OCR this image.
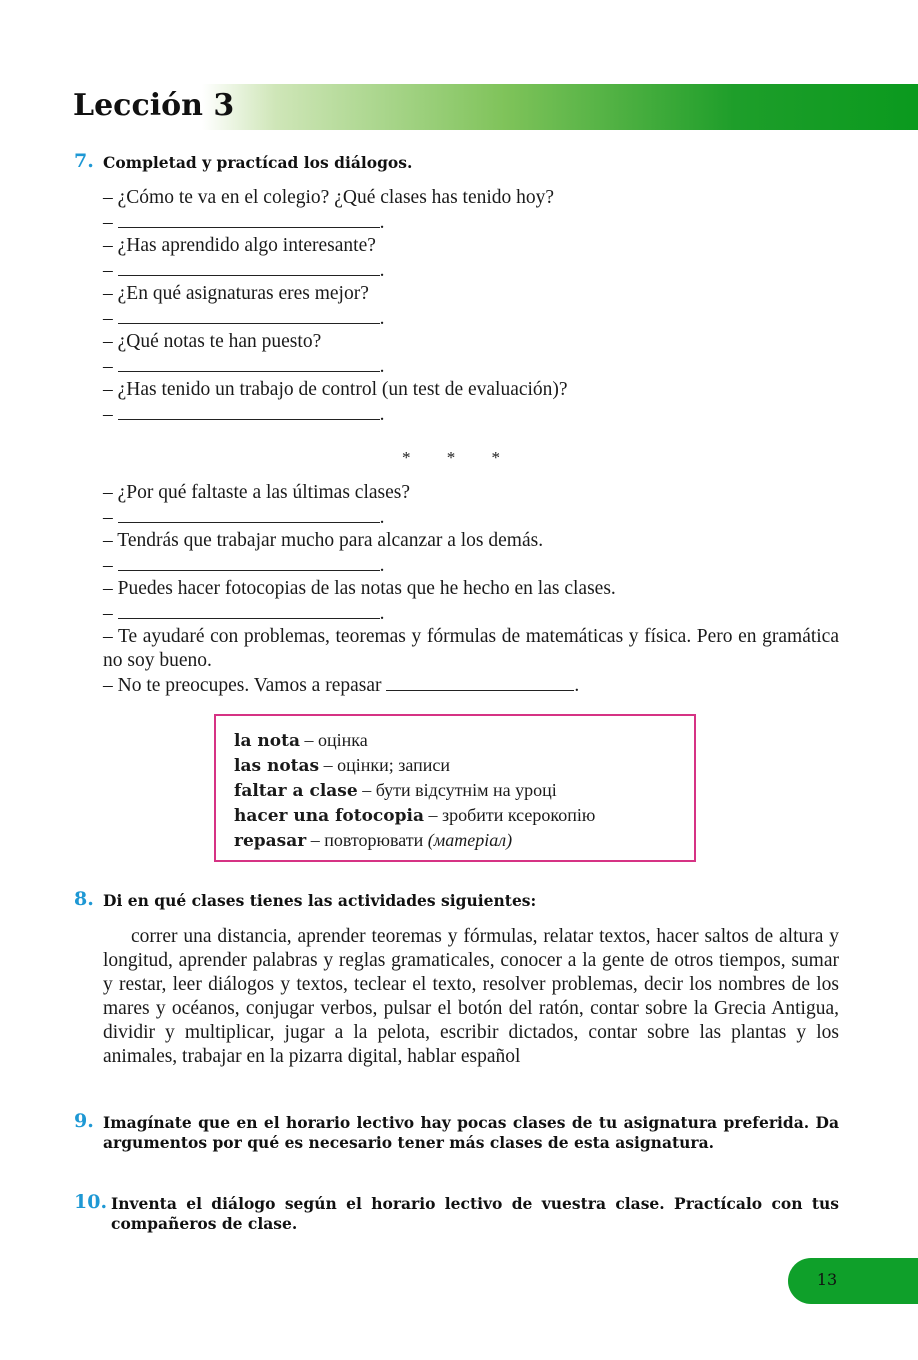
Lección 3
7. Completad y practícad los diálogos.

– ¿Cómo te va en el colegio? ¿Qué clases has tenido hoy?
–	.
– ¿Has aprendido algo interesante?
–	.
– ¿En qué asignaturas eres mejor?
–	.
– ¿Qué notas te han puesto?
–	.
– ¿Has tenido un trabajo de control (un test de evaluación)?
–	.
* * *
– ¿Por qué faltaste a las últimas clases?
–	.
– Tendrás que trabajar mucho para alcanzar a los demás.
–	.
– Puedes hacer fotocopias de las notas que he hecho en las clases.
–	.

– Te ayudaré con problemas, teoremas y fórmulas de matemáticas y física. Pero en gramática no soy bueno.

– No te preocupes. Vamos a repasar	.

la nota – оцінка
las notas – оцінки; записи
faltar a clase – бути відсутнім на уроці
hacer una fotocopia – зробити ксерокопію
repasar – повторювати (матеріал)
8. Di en qué clases tienes las actividades siguientes:

correr una distancia, aprender teoremas y fórmulas, relatar textos, hacer saltos de altura y longitud, aprender palabras y reglas gramaticales, conocer a la gente de otros tiempos, sumar y restar, leer diálogos y textos, teclear el texto, resolver problemas, decir los nombres de los mares y océanos, conjugar verbos, pulsar el botón del ratón, contar sobre la Grecia Antigua, dividir y multiplicar, jugar a la pelota, escribir dictados, contar sobre las plantas y los animales, trabajar en la pizarra digital, hablar español

9. Imagínate que en el horario lectivo hay pocas clases de tu asignatura preferida. Da argumentos por qué es necesario tener más clases de esta asignatura.

10. Inventa el diálogo según el horario lectivo de vuestra clase. Practícalo con tus compañeros de clase.

13
